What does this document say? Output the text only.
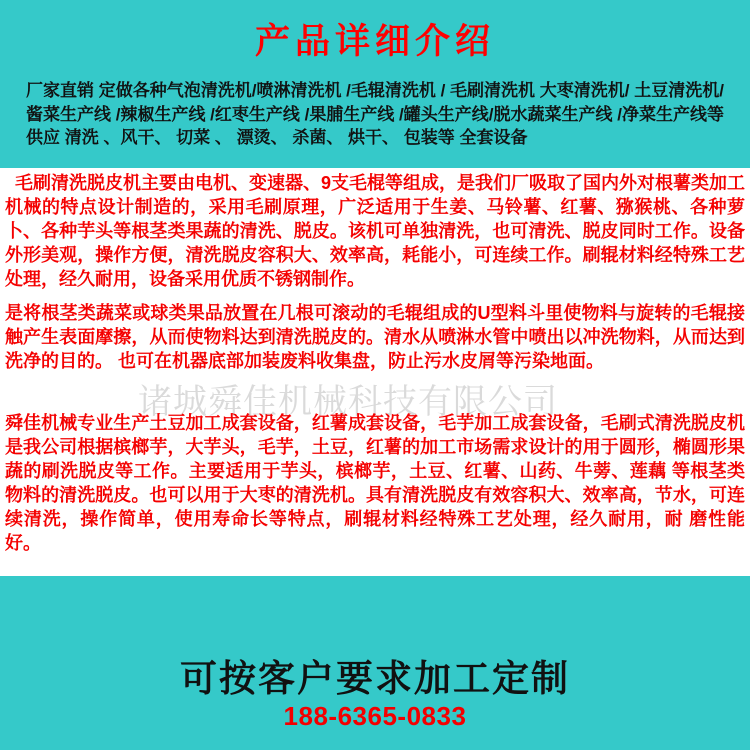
产品详细介绍
厂家直销 定做各种气泡清洗机/喷淋清洗机 /毛辊清洗机 / 毛刷清洗机 大枣清洗机/ 土豆清洗机/
酱菜生产线 /辣椒生产线 /红枣生产线 /果脯生产线 /罐头生产线/脱水蔬菜生产线 /净菜生产线等
供应 清洗 、风干、 切菜 、 漂烫、 杀菌、 烘干、 包装等 全套设备

毛刷清洗脱皮机主要由电机、变速器、9支毛棍等组成，是我们厂吸取了国内外对根薯类加工机械的特点设计制造的，采用毛刷原理，广泛适用于生姜、马铃薯、红薯、猕猴桃、各种萝卜、各种芋头等根茎类果蔬的清洗、脱皮。该机可单独清洗，也可清洗、脱皮同时工作。设备外形美观，操作方便，清洗脱皮容积大、效率高，耗能小，可连续工作。刷辊材料经特殊工艺处理，经久耐用，设备采用优质不锈钢制作。

是将根茎类蔬菜或球类果品放置在几根可滚动的毛辊组成的U型料斗里使物料与旋转的毛辊接触产生表面摩擦，从而使物料达到清洗脱皮的。清水从喷淋水管中喷出以冲洗物料，从而达到洗净的目的。 也可在机器底部加装废料收集盘，防止污水皮屑等污染地面。

舜佳机械专业生产土豆加工成套设备，红薯成套设备，毛芋加工成套设备，毛刷式清洗脱皮机是我公司根据槟榔芋，大芋头，毛芋，土豆，红薯的加工市场需求设计的用于圆形，椭圆形果蔬的刷洗脱皮等工作。主要适用于芋头，槟榔芋，土豆、红薯、山药、牛蒡、莲藕 等根茎类物料的清洗脱皮。也可以用于大枣的清洗机。具有清洗脱皮有效容积大、效率高，节水，可连续清洗，操作简单，使用寿命长等特点，刷辊材料经特殊工艺处理，经久耐用，耐 磨性能好。

诸城舜佳机械科技有限公司
可按客户要求加工定制
188-6365-0833
